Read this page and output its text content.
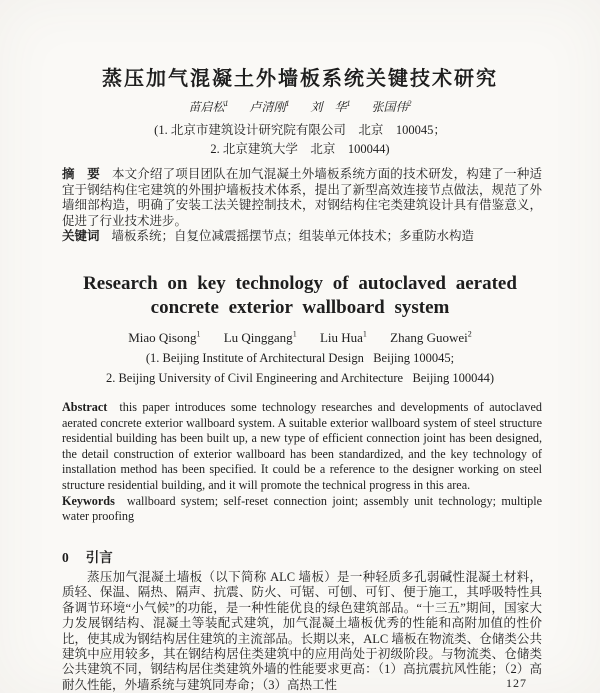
蒸压加气混凝土外墙板系统关键技术研究
苗启松$^1$ 卢清刚$^1$ 刘　华$^1$ 张国伟$^2$
(1. 北京市建筑设计研究院有限公司　北京　100045；
2. 北京建筑大学　北京　100044)

摘　要 本文介绍了项目团队在加气混凝土外墙板系统方面的技术研发，构建了一种适宜于钢结构住宅建筑的外围护墙板技术体系，提出了新型高效连接节点做法，规范了外墙细部构造，明确了安装工法关键控制技术，对钢结构住宅类建筑设计具有借鉴意义，促进了行业技术进步。

关键词 墙板系统；自复位减震摇摆节点；组装单元体技术；多重防水构造

Research on key technology of autoclaved aerated
concrete exterior wallboard system
Miao Qisong$^1$ Lu Qinggang$^1$ Liu Hua$^1$ Zhang Guowei$^2$
(1. Beijing Institute of Architectural Design   Beijing 100045;
2. Beijing University of Civil Engineering and Architecture   Beijing 100044)

Abstract this paper introduces some technology researches and developments of autoclaved aerated concrete exterior wallboard system. A suitable exterior wallboard system of steel structure residential building has been built up, a new type of efficient connection joint has been designed, the detail construction of exterior wallboard has been standardized, and the key technology of installation method has been specified. It could be a reference to the designer working on steel structure residential building, and it will promote the technical progress in this area.

Keywords wallboard system; self-reset connection joint; assembly unit technology; multiple water proofing

0 引言

蒸压加气混凝土墙板（以下简称 ALC 墙板）是一种轻质多孔弱碱性混凝土材料，质轻、保温、隔热、隔声、抗震、防火、可锯、可刨、可钉、便于施工，其呼吸特性具备调节环境“小气候”的功能，是一种性能优良的绿色建筑部品。“十三五”期间，国家大力发展钢结构、混凝土等装配式建筑，加气混凝土墙板优秀的性能和高附加值的性价比，使其成为钢结构居住建筑的主流部品。长期以来，ALC 墙板在物流类、仓储类公共建筑中应用较多，其在钢结构居住类建筑中的应用尚处于初级阶段。与物流类、仓储类公共建筑不同，钢结构居住类建筑外墙的性能要求更高：（1）高抗震抗风性能；（2）高耐久性能，外墙系统与建筑同寿命；（3）高热工性	127
